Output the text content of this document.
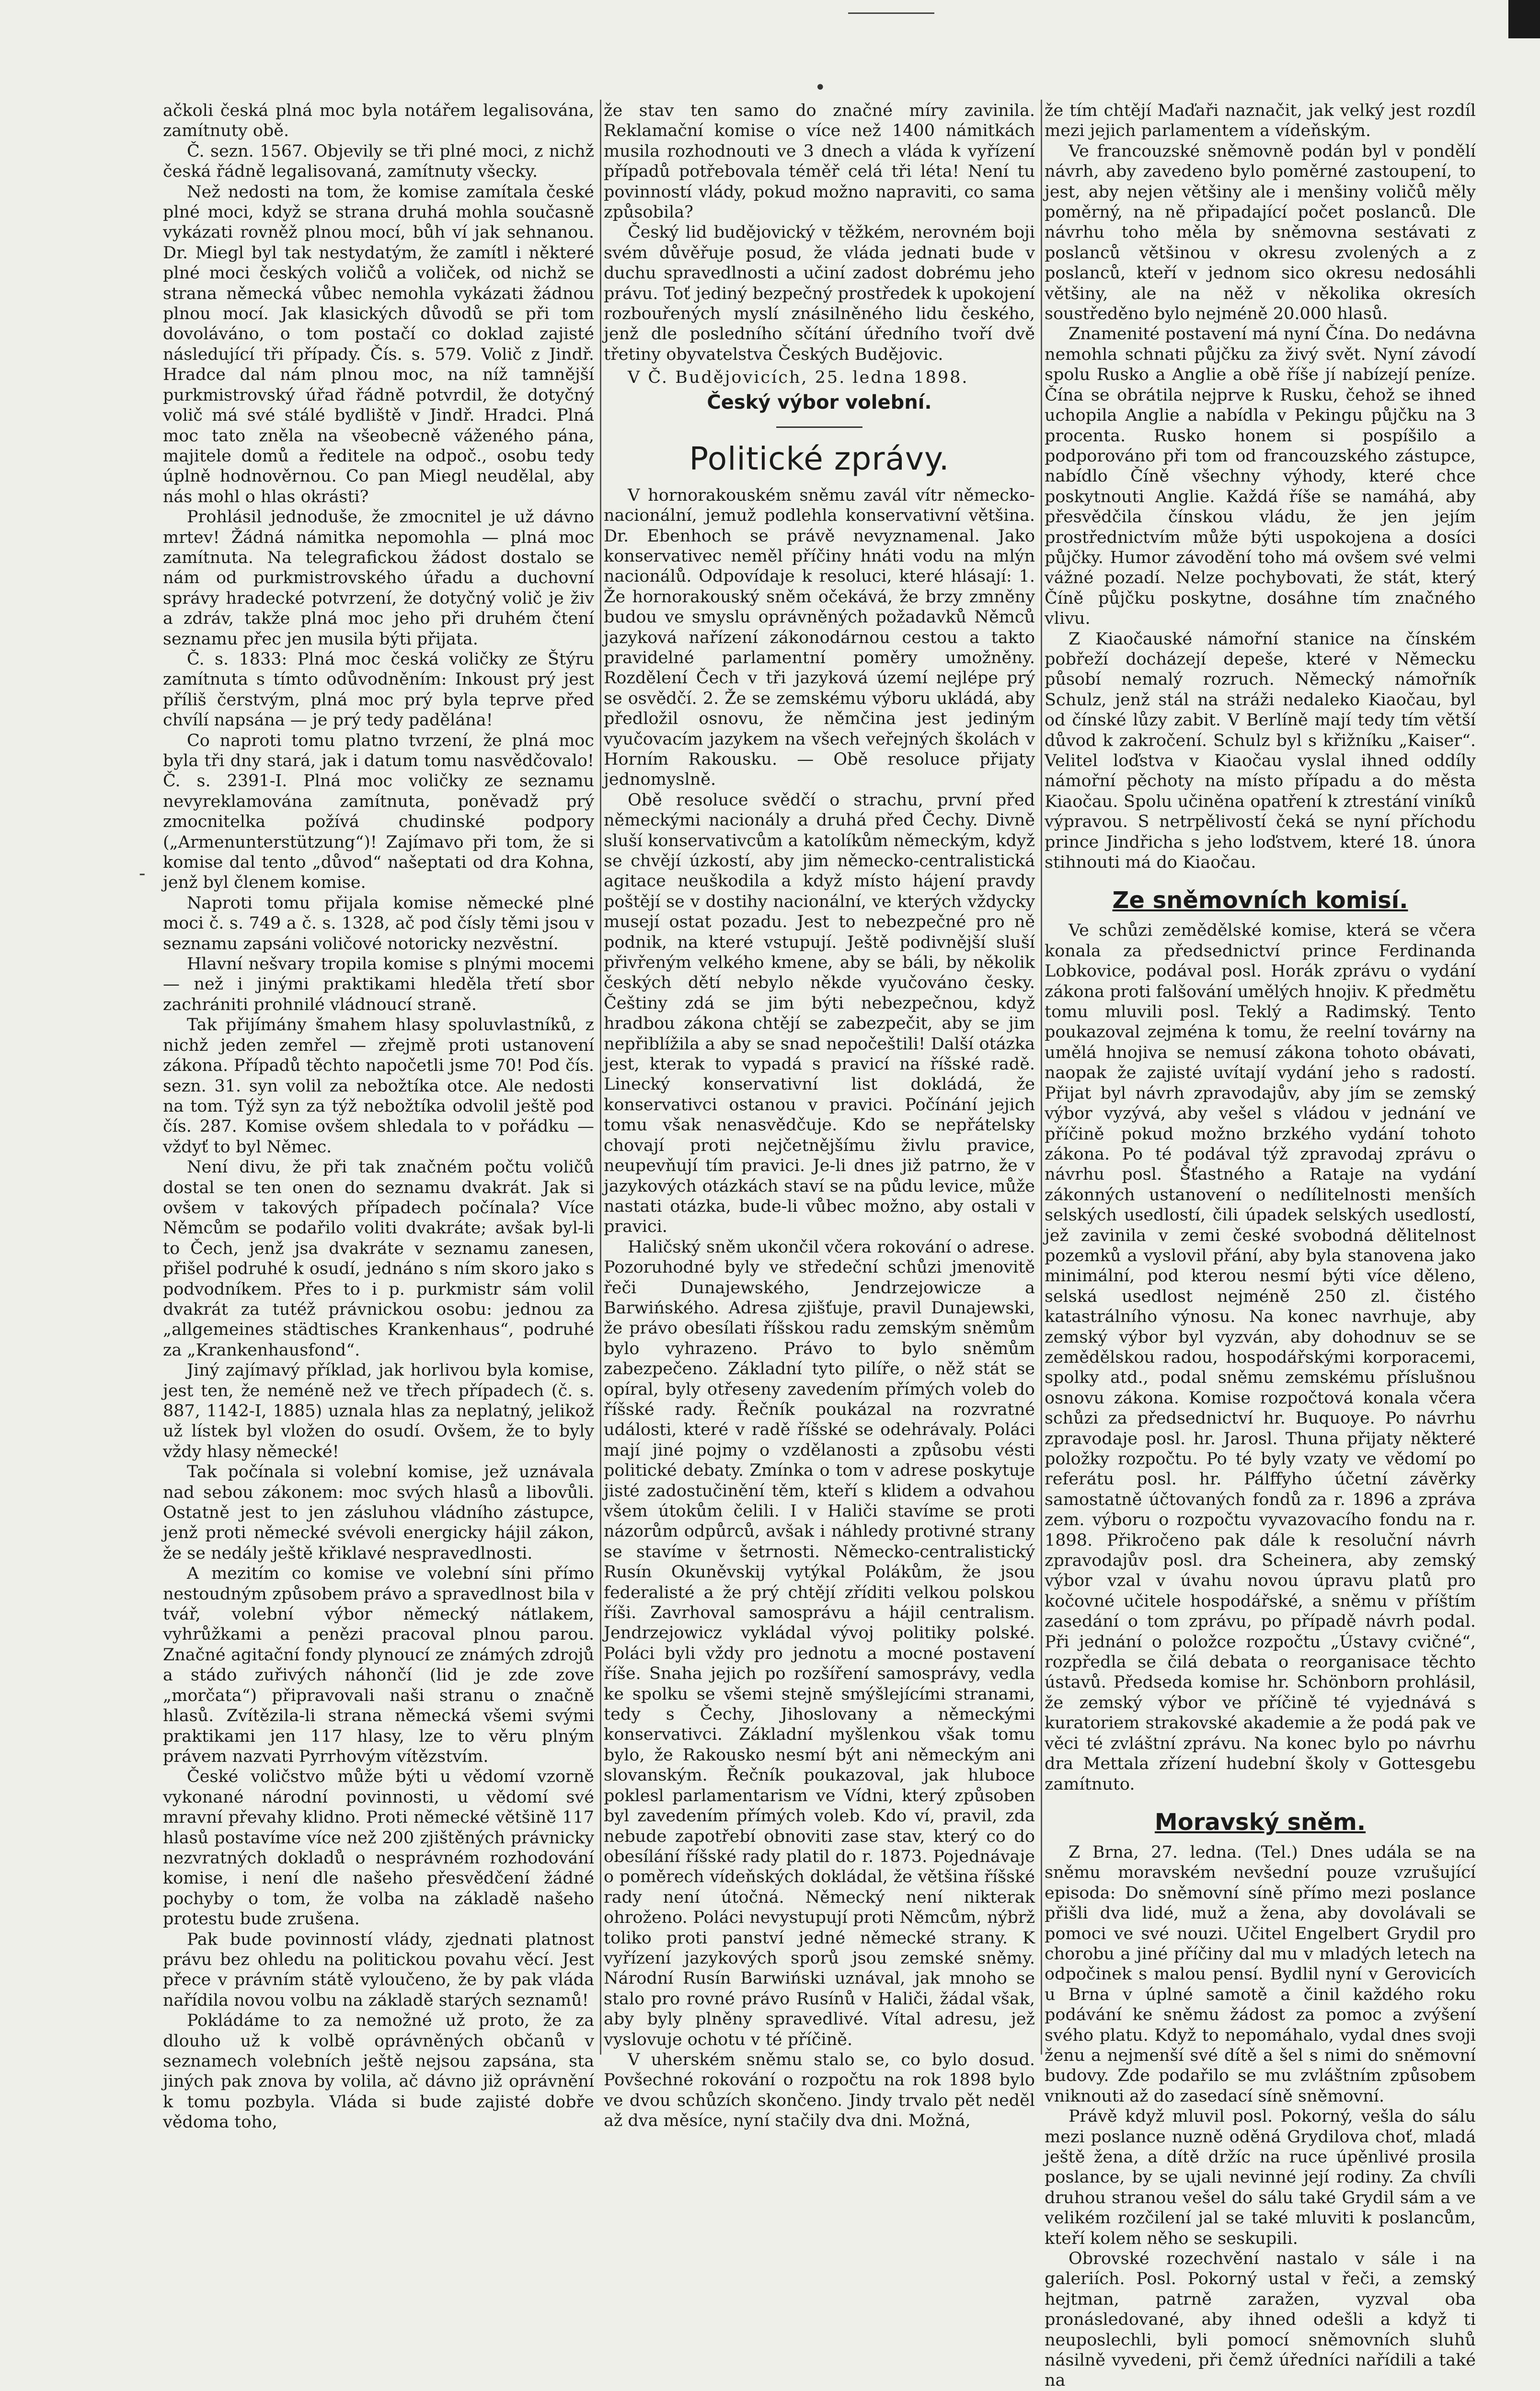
•
-

ačkoli česká plná moc byla notářem legalisována, zamítnuty obě.

Č. sezn. 1567. Objevily se tři plné moci, z nichž česká řádně legalisovaná, zamítnuty všecky.

Než nedosti na tom, že komise zamítala české plné moci, když se strana druhá mohla současně vykázati rovněž plnou mocí, bůh ví jak sehnanou. Dr. Miegl byl tak nestydatým, že zamítl i některé plné moci českých voličů a voliček, od nichž se strana německá vůbec nemohla vykázati žádnou plnou mocí. Jak klasických důvodů se při tom dovoláváno, o tom postačí co doklad zajisté následující tři případy. Čís. s. 579. Volič z Jindř. Hradce dal nám plnou moc, na níž tamnější purkmistrovský úřad řádně potvrdil, že dotyčný volič má své stálé bydliště v Jindř. Hradci. Plná moc tato zněla na všeobecně váženého pána, majitele domů a ředitele na odpoč., osobu tedy úplně hodnověrnou. Co pan Miegl neudělal, aby nás mohl o hlas okrásti?

Prohlásil jednoduše, že zmocnitel je už dávno mrtev! Žádná námitka nepomohla — plná moc zamítnuta. Na telegrafickou žádost dostalo se nám od purkmistrovského úřadu a duchovní správy hradecké potvrzení, že dotyčný volič je živ a zdráv, takže plná moc jeho při druhém čtení seznamu přec jen musila býti přijata.

Č. s. 1833: Plná moc česká voličky ze Štýru zamítnuta s tímto odůvodněním: Inkoust prý jest příliš čerstvým, plná moc prý byla teprve před chvílí napsána — je prý tedy padělána!

Co naproti tomu platno tvrzení, že plná moc byla tři dny stará, jak i datum tomu nasvědčovalo! Č. s. 2391-I. Plná moc voličky ze seznamu nevyreklamována zamítnuta, poněvadž prý zmocnitelka požívá chudinské podpory („Armenunterstützung“)! Zajímavo při tom, že si komise dal tento „důvod“ našeptati od dra Kohna, jenž byl členem komise.

Naproti tomu přijala komise německé plné moci č. s. 749 a č. s. 1328, ač pod čísly těmi jsou v seznamu zapsáni voličové notoricky nezvěstní.

Hlavní nešvary tropila komise s plnými mocemi — než i jinými praktikami hleděla třetí sbor zachrániti prohnilé vládnoucí straně.

Tak přijímány šmahem hlasy spoluvlastníků, z nichž jeden zemřel — zřejmě proti ustanovení zákona. Případů těchto napočetli jsme 70! Pod čís. sezn. 31. syn volil za nebožtíka otce. Ale nedosti na tom. Týž syn za týž nebožtíka odvolil ještě pod čís. 287. Komise ovšem shledala to v pořádku — vždyť to byl Němec.

Není divu, že při tak značném počtu voličů dostal se ten onen do seznamu dvakrát. Jak si ovšem v takových případech počínala? Více Němcům se podařilo voliti dvakráte; avšak byl-li to Čech, jenž jsa dvakráte v seznamu zanesen, přišel podruhé k osudí, jednáno s ním skoro jako s podvodníkem. Přes to i p. purkmistr sám volil dvakrát za tutéž právnickou osobu: jednou za „allgemeines städtisches Krankenhaus“, podruhé za „Krankenhausfond“.

Jiný zajímavý příklad, jak horlivou byla komise, jest ten, že neméně než ve třech případech (č. s. 887, 1142-I, 1885) uznala hlas za neplatný, jelikož už lístek byl vložen do osudí. Ovšem, že to byly vždy hlasy německé!

Tak počínala si volební komise, jež uznávala nad sebou zákonem: moc svých hlasů a libovůli. Ostatně jest to jen zásluhou vládního zástupce, jenž proti německé svévoli energicky hájil zákon, že se nedály ještě křiklavé nespravedlnosti.

A mezitím co komise ve volební síni přímo nestoudným způsobem právo a spravedlnost bila v tvář, volební výbor německý nátlakem, vyhrůžkami a penězi pracoval plnou parou. Značné agitační fondy plynoucí ze známých zdrojů a stádo zuřivých náhončí (lid je zde zove „morčata“) připravovali naši stranu o značně hlasů. Zvítězila-li strana německá všemi svými praktikami jen 117 hlasy, lze to věru plným právem nazvati Pyrrhovým vítězstvím.

České voličstvo může býti u vědomí vzorně vykonané národní povinnosti, u vědomí své mravní převahy klidno. Proti německé většině 117 hlasů postavíme více než 200 zjištěných právnicky nezvratných dokladů o nesprávném rozhodování komise, i není dle našeho přesvědčení žádné pochyby o tom, že volba na základě našeho protestu bude zrušena.

Pak bude povinností vlády, zjednati platnost právu bez ohledu na politickou povahu věcí. Jest přece v právním státě vyloučeno, že by pak vláda nařídila novou volbu na základě starých seznamů!

Pokládáme to za nemožné už proto, že za dlouho už k volbě oprávněných občanů v seznamech volebních ještě nejsou zapsána, sta jiných pak znova by volila, ač dávno již oprávnění k tomu pozbyla. Vláda si bude zajisté dobře vědoma toho,

že stav ten samo do značné míry zavinila. Reklamační komise o více než 1400 námitkách musila rozhodnouti ve 3 dnech a vláda k vyřízení případů potřebovala téměř celá tři léta! Není tu povinností vlády, pokud možno napraviti, co sama způsobila?

Český lid budějovický v těžkém, nerovném boji svém důvěřuje posud, že vláda jednati bude v duchu spravedlnosti a učiní zadost dobrému jeho právu. Toť jediný bezpečný prostředek k upokojení rozbouřených myslí znásilněného lidu českého, jenž dle posledního sčítání úředního tvoří dvě třetiny obyvatelstva Českých Budějovic.

V Č. Budějovicích, 25. ledna 1898.

Český výbor volební.
Politické zprávy.

V hornorakouském sněmu zavál vítr německo-nacionální, jemuž podlehla konservativní většina. Dr. Ebenhoch se právě nevyznamenal. Jako konservativec neměl příčiny hnáti vodu na mlýn nacionálů. Odpovídaje k resoluci, které hlásají: 1. Že hornorakouský sněm očekává, že brzy zmněny budou ve smyslu oprávněných požadavků Němců jazyková nařízení zákonodárnou cestou a takto pravidelné parlamentní poměry umožněny. Rozdělení Čech v tři jazyková území nejlépe prý se osvědčí. 2. Že se zemskému výboru ukládá, aby předložil osnovu, že němčina jest jediným vyučovacím jazykem na všech veřejných školách v Horním Rakousku. — Obě resoluce přijaty jednomyslně.

Obě resoluce svědčí o strachu, první před německými nacionály a druhá před Čechy. Divně sluší konservativcům a katolíkům německým, když se chvějí úzkostí, aby jim německo-centralistická agitace neuškodila a když místo hájení pravdy poštějí se v dostihy nacionální, ve kterých vždycky musejí ostat pozadu. Jest to nebezpečné pro ně podnik, na které vstupují. Ještě podivnější sluší přivřeným velkého kmene, aby se báli, by několik českých dětí nebylo někde vyučováno česky. Češtiny zdá se jim býti nebezpečnou, když hradbou zákona chtějí se zabezpečit, aby se jim nepřiblížila a aby se snad nepočeštili! Další otázka jest, kterak to vypadá s pravicí na říšské radě. Linecký konservativní list dokládá, že konservativci ostanou v pravici. Počínání jejich tomu však nenasvědčuje. Kdo se nepřátelsky chovají proti nejčetnějšímu živlu pravice, neupevňují tím pravici. Je-li dnes již patrno, že v jazykových otázkách staví se na půdu levice, může nastati otázka, bude-li vůbec možno, aby ostali v pravici.

Haličský sněm ukončil včera rokování o adrese. Pozoruhodné byly ve středeční schůzi jmenovitě řeči Dunajewského, Jendrzejowicze a Barwińského. Adresa zjišťuje, pravil Dunajewski, že právo obesílati říšskou radu zemským sněmům bylo vyhrazeno. Právo to bylo sněmům zabezpečeno. Základní tyto pilíře, o něž stát se opíral, byly otřeseny zavedením přímých voleb do říšské rady. Řečník poukázal na rozvratné události, které v radě říšské se odehrávaly. Poláci mají jiné pojmy o vzdělanosti a způsobu vésti politické debaty. Zmínka o tom v adrese poskytuje jisté zadostučinění těm, kteří s klidem a odvahou všem útokům čelili. I v Haliči stavíme se proti názorům odpůrců, avšak i náhledy protivné strany se stavíme v šetrnosti. Německo-centralistický Rusín Okuněvskij vytýkal Polákům, že jsou federalisté a že prý chtějí zříditi velkou polskou říši. Zavrhoval samosprávu a hájil centralism. Jendrzejowicz vykládal vývoj politiky polské. Poláci byli vždy pro jednotu a mocné postavení říše. Snaha jejich po rozšíření samosprávy, vedla ke spolku se všemi stejně smýšlejícími stranami, tedy s Čechy, Jihoslovany a německými konservativci. Základní myšlenkou však tomu bylo, že Rakousko nesmí být ani německým ani slovanským. Řečník poukazoval, jak hluboce poklesl parlamentarism ve Vídni, který způsoben byl zavedením přímých voleb. Kdo ví, pravil, zda nebude zapotřebí obnoviti zase stav, který co do obesílání říšské rady platil do r. 1873. Pojednávaje o poměrech vídeňských dokládal, že většina říšské rady není útočná. Německý není nikterak ohroženo. Poláci nevystupují proti Němcům, nýbrž toliko proti panství jedné německé strany. K vyřízení jazykových sporů jsou zemské sněmy. Národní Rusín Barwiński uznával, jak mnoho se stalo pro rovné právo Rusínů v Haliči, žádal však, aby byly plněny spravedlivé. Vítal adresu, jež vyslovuje ochotu v té příčině.

V uherském sněmu stalo se, co bylo dosud. Povšechné rokování o rozpočtu na rok 1898 bylo ve dvou schůzích skončeno. Jindy trvalo pět neděl až dva měsíce, nyní stačily dva dni. Možná,

že tím chtějí Maďaři naznačit, jak velký jest rozdíl mezi jejich parlamentem a vídeňským.

Ve francouzské sněmovně podán byl v pondělí návrh, aby zavedeno bylo poměrné zastoupení, to jest, aby nejen většiny ale i menšiny voličů měly poměrný, na ně připadající počet poslanců. Dle návrhu toho měla by sněmovna sestávati z poslanců většinou v okresu zvolených a z poslanců, kteří v jednom sico okresu nedosáhli většiny, ale na něž v několika okresích soustředěno bylo nejméně 20.000 hlasů.

Znamenité postavení má nyní Čína. Do nedávna nemohla schnati půjčku za živý svět. Nyní závodí spolu Rusko a Anglie a obě říše jí nabízejí peníze. Čína se obrátila nejprve k Rusku, čehož se ihned uchopila Anglie a nabídla v Pekingu půjčku na 3 procenta. Rusko honem si pospíšilo a podporováno při tom od francouzského zástupce, nabídlo Číně všechny výhody, které chce poskytnouti Anglie. Každá říše se namáhá, aby přesvědčila čínskou vládu, že jen jejím prostřednictvím může býti uspokojena a dosíci půjčky. Humor závodění toho má ovšem své velmi vážné pozadí. Nelze pochybovati, že stát, který Číně půjčku poskytne, dosáhne tím značného vlivu.

Z Kiaočauské námořní stanice na čínském pobřeží docházejí depeše, které v Německu působí nemalý rozruch. Německý námořník Schulz, jenž stál na stráži nedaleko Kiaočau, byl od čínské lůzy zabit. V Berlíně mají tedy tím větší důvod k zakročení. Schulz byl s křižníku „Kaiser“. Velitel loďstva v Kiaočau vyslal ihned oddíly námořní pěchoty na místo případu a do města Kiaočau. Spolu učiněna opatření k ztrestání viníků výpravou. S netrpělivostí čeká se nyní příchodu prince Jindřicha s jeho loďstvem, které 18. února stihnouti má do Kiaočau.

Ze sněmovních komisí.

Ve schůzi zemědělské komise, která se včera konala za předsednictví prince Ferdinanda Lobkovice, podával posl. Horák zprávu o vydání zákona proti falšování umělých hnojiv. K předmětu tomu mluvili posl. Teklý a Radimský. Tento poukazoval zejména k tomu, že reelní továrny na umělá hnojiva se nemusí zákona tohoto obávati, naopak že zajisté uvítají vydání jeho s radostí. Přijat byl návrh zpravodajův, aby jím se zemský výbor vyzývá, aby vešel s vládou v jednání ve příčině pokud možno brzkého vydání tohoto zákona. Po té podával týž zpravodaj zprávu o návrhu posl. Šťastného a Rataje na vydání zákonných ustanovení o nedílitelnosti menších selských usedlostí, čili úpadek selských usedlostí, jež zavinila v zemi české svobodná dělitelnost pozemků a vyslovil přání, aby byla stanovena jako minimální, pod kterou nesmí býti více děleno, selská usedlost nejméně 250 zl. čistého katastrálního výnosu. Na konec navrhuje, aby zemský výbor byl vyzván, aby dohodnuv se se zemědělskou radou, hospodářskými korporacemi, spolky atd., podal sněmu zemskému příslušnou osnovu zákona. Komise rozpočtová konala včera schůzi za předsednictví hr. Buquoye. Po návrhu zpravodaje posl. hr. Jarosl. Thuna přijaty některé položky rozpočtu. Po té byly vzaty ve vědomí po referátu posl. hr. Pálffyho účetní závěrky samostatně účtovaných fondů za r. 1896 a zpráva zem. výboru o rozpočtu vyvazovacího fondu na r. 1898. Přikročeno pak dále k resoluční návrh zpravodajův posl. dra Scheinera, aby zemský výbor vzal v úvahu novou úpravu platů pro kočovné učitele hospodářské, a sněmu v příštím zasedání o tom zprávu, po případě návrh podal. Při jednání o položce rozpočtu „Ústavy cvičné“, rozpředla se čilá debata o reorganisace těchto ústavů. Předseda komise hr. Schönborn prohlásil, že zemský výbor ve příčině té vyjednává s kuratoriem strakovské akademie a že podá pak ve věci té zvláštní zprávu. Na konec bylo po návrhu dra Mettala zřízení hudební školy v Gottesgebu zamítnuto.

Moravský sněm.

Z Brna, 27. ledna. (Tel.) Dnes udála se na sněmu moravském nevšední pouze vzrušující episoda: Do sněmovní síně přímo mezi poslance přišli dva lidé, muž a žena, aby dovolávali se pomoci ve své nouzi. Učitel Engelbert Grydil pro chorobu a jiné příčiny dal mu v mladých letech na odpočinek s malou pensí. Bydlil nyní v Gerovicích u Brna v úplné samotě a činil každého roku podávání ke sněmu žádost za pomoc a zvýšení svého platu. Když to nepomáhalo, vydal dnes svoji ženu a nejmenší své dítě a šel s nimi do sněmovní budovy. Zde podařilo se mu zvláštním způsobem vniknouti až do zasedací síně sněmovní.

Právě když mluvil posl. Pokorný, vešla do sálu mezi poslance nuzně oděná Grydilova choť, mladá ještě žena, a dítě držíc na ruce úpěnlivé prosila poslance, by se ujali nevinné její rodiny. Za chvíli druhou stranou vešel do sálu také Grydil sám a ve velikém rozčilení jal se také mluviti k poslancům, kteří kolem něho se seskupili.

Obrovské rozechvění nastalo v sále i na galeriích. Posl. Pokorný ustal v řeči, a zemský hejtman, patrně zaražen, vyzval oba pronásledované, aby ihned odešli a když ti neuposlechli, byli pomocí sněmovních sluhů násilně vyvedeni, při čemž úředníci nařídili a také na
